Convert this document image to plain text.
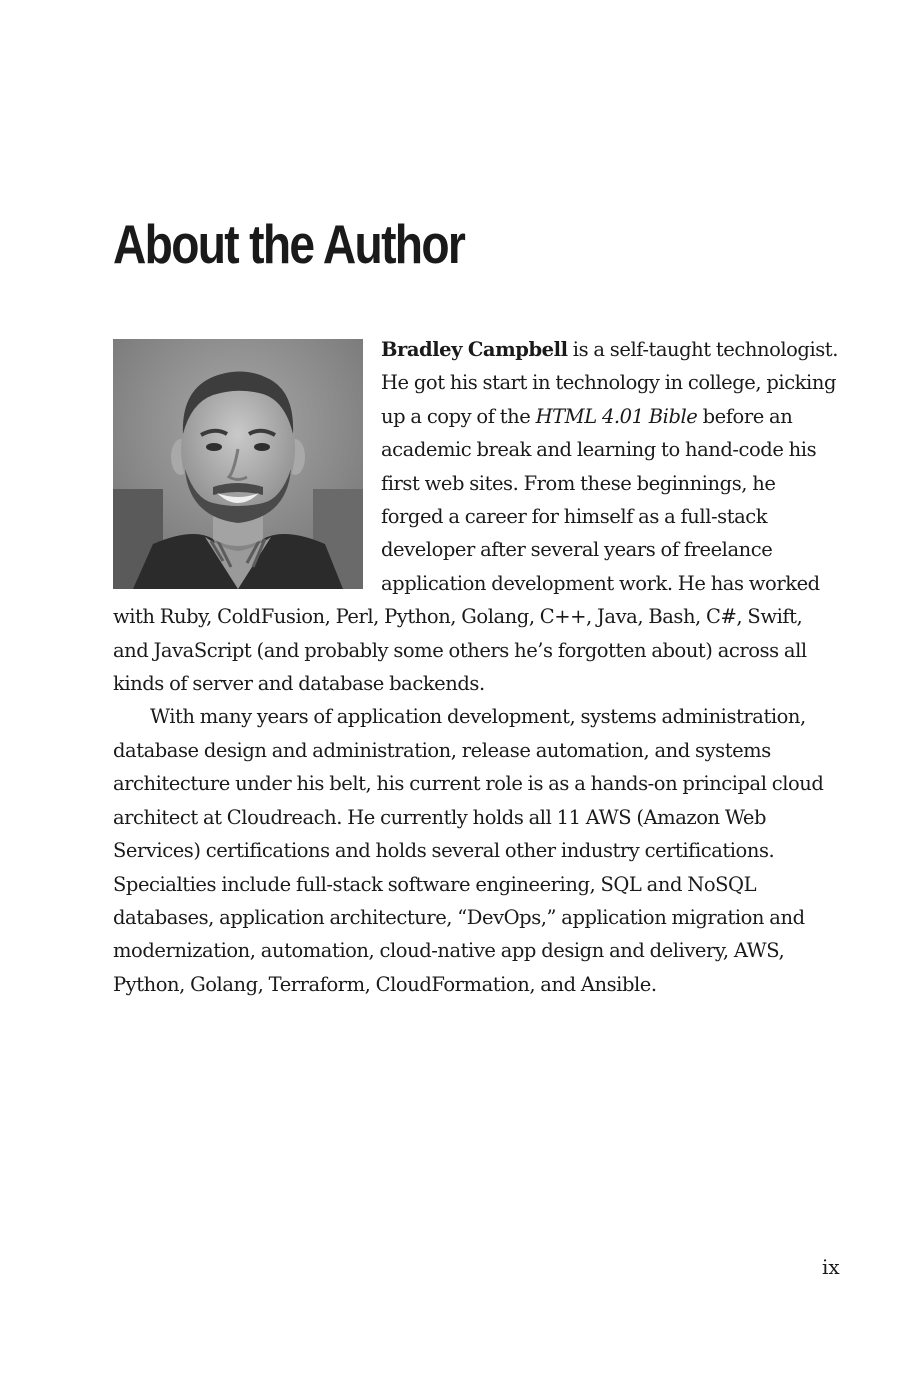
About the Author

Bradley Campbell is a self-taught technologist. He got his start in technology in college, picking up a copy of the HTML 4.01 Bible before an academic break and learning to hand-code his first web sites. From these beginnings, he forged a career for himself as a full-stack developer after several years of freelance application development work. He has worked with Ruby, ColdFusion, Perl, Python, Golang, C++, Java, Bash, C#, Swift, and JavaScript (and probably some others he’s forgotten about) across all kinds of server and database backends.

With many years of application development, systems administration, database design and administration, release automation, and systems architecture under his belt, his current role is as a hands-on principal cloud architect at Cloudreach. He currently holds all 11 AWS (Amazon Web Services) certifications and holds several other industry certifications. Specialties include full-stack software engineering, SQL and NoSQL databases, application architecture, “DevOps,” application migration and modernization, automation, cloud-native app design and delivery, AWS, Python, Golang, Terraform, CloudFormation, and Ansible.

ix
